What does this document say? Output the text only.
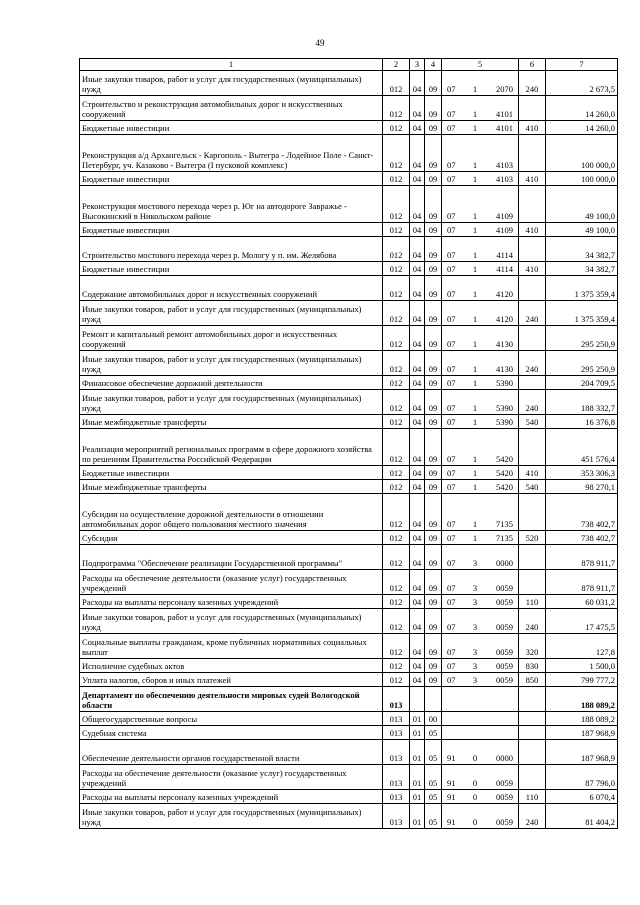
49
1	2	3	4	5	6	7
Иные закупки товаров, работ и услуг для государственных (муниципальных) нужд	012	04	09	07 1 2070	240	2 673,5
Строительство и реконструкция автомобильных дорог и искусственных сооружений	012	04	09	07 1 4101		14 260,0
Бюджетные инвестиции	012	04	09	07 1 4101	410	14 260,0
Реконструкция а/д Архангельск - Каргополь - Вытегра - Лодейное Поле - Санкт-Петербург, уч. Казаково - Вытегра (I пусковой комплекс)	012	04	09	07 1 4103		100 000,0
Бюджетные инвестиции	012	04	09	07 1 4103	410	100 000,0
Реконструкция мостового перехода через р. Юг на автодороге Завражье - Высокинский в Никольском районе	012	04	09	07 1 4109		49 100,0
Бюджетные инвестиции	012	04	09	07 1 4109	410	49 100,0
Строительство мостового перехода через р. Мологу у п. им. Желябова	012	04	09	07 1 4114		34 382,7
Бюджетные инвестиции	012	04	09	07 1 4114	410	34 382,7
Содержание автомобильных дорог и искусственных сооружений	012	04	09	07 1 4120		1 375 359,4
Иные закупки товаров, работ и услуг для государственных (муниципальных) нужд	012	04	09	07 1 4120	240	1 375 359,4
Ремонт и капитальный ремонт автомобильных дорог и искусственных сооружений	012	04	09	07 1 4130		295 250,9
Иные закупки товаров, работ и услуг для государственных (муниципальных) нужд	012	04	09	07 1 4130	240	295 250,9
Финансовое обеспечение дорожной деятельности	012	04	09	07 1 5390		204 709,5
Иные закупки товаров, работ и услуг для государственных (муниципальных) нужд	012	04	09	07 1 5390	240	188 332,7
Иные межбюджетные трансферты	012	04	09	07 1 5390	540	16 376,8
Реализация мероприятий региональных программ в сфере дорожного хозяйства по решениям Правительства Российской Федерации	012	04	09	07 1 5420		451 576,4
Бюджетные инвестиции	012	04	09	07 1 5420	410	353 306,3
Иные межбюджетные трансферты	012	04	09	07 1 5420	540	98 270,1
Субсидии на осуществление дорожной деятельности в отношении автомобильных дорог общего пользования местного значения	012	04	09	07 1 7135		738 402,7
Субсидии	012	04	09	07 1 7135	520	738 402,7
Подпрограмма "Обеспечение реализации Государственной программы"	012	04	09	07 3 0000		878 911,7
Расходы на обеспечение деятельности (оказание услуг) государственных учреждений	012	04	09	07 3 0059		878 911,7
Расходы на выплаты персоналу казенных учреждений	012	04	09	07 3 0059	110	60 031,2
Иные закупки товаров, работ и услуг для государственных (муниципальных) нужд	012	04	09	07 3 0059	240	17 475,5
Социальные выплаты гражданам, кроме публичных нормативных социальных выплат	012	04	09	07 3 0059	320	127,8
Исполнение судебных актов	012	04	09	07 3 0059	830	1 500,0
Уплата налогов, сборов и иных платежей	012	04	09	07 3 0059	850	799 777,2
Департамент по обеспечению деятельности мировых судей Вологодской области	013					188 089,2
Общегосударственные вопросы	013	01	00			188 089,2
Судебная система	013	01	05			187 968,9
Обеспечение деятельности органов государственной власти	013	01	05	91 0 0000		187 968,9
Расходы на обеспечение деятельности (оказание услуг) государственных учреждений	013	01	05	91 0 0059		87 796,0
Расходы на выплаты персоналу казенных учреждений	013	01	05	91 0 0059	110	6 070,4
Иные закупки товаров, работ и услуг для государственных (муниципальных) нужд	013	01	05	91 0 0059	240	81 404,2
